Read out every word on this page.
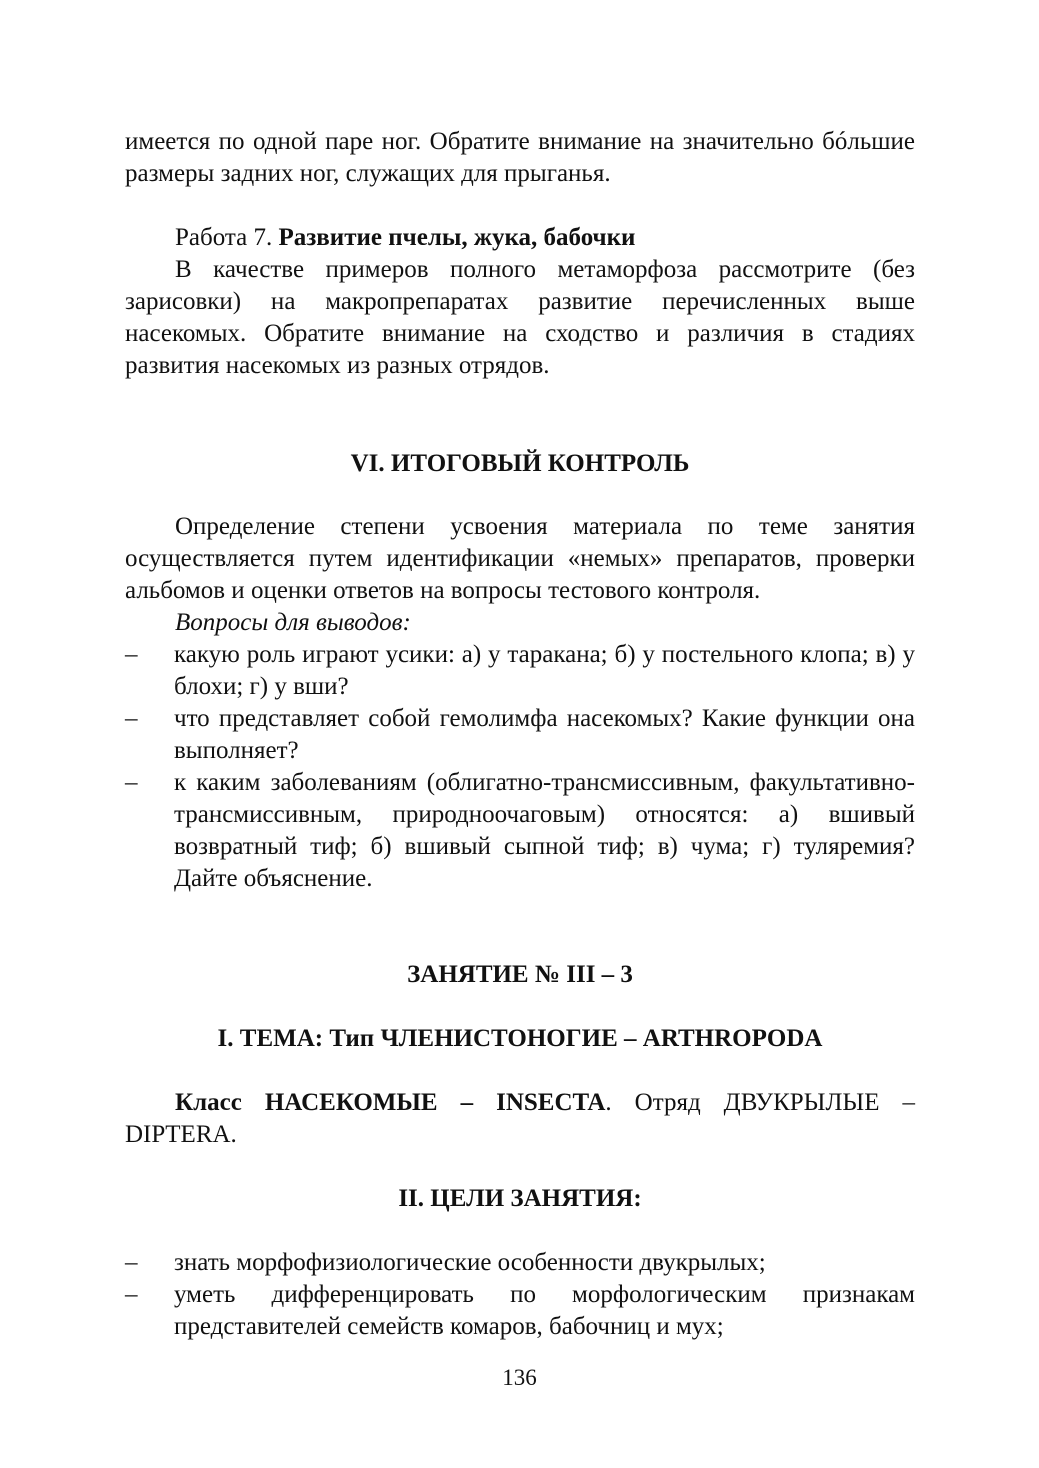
имеется по одной паре ног. Обратите внимание на значительно бóльшие размеры задних ног, служащих для прыганья.

Работа 7. Развитие пчелы, жука, бабочки

В качестве примеров полного метаморфоза рассмотрите (без зарисовки) на макропрепаратах развитие перечисленных выше насекомых. Обратите внимание на сходство и различия в стадиях развития насекомых из разных отрядов.

VI. ИТОГОВЫЙ КОНТРОЛЬ

Определение степени усвоения материала по теме занятия осуществляется путем идентификации «немых» препаратов, проверки альбомов и оценки ответов на вопросы тестового контроля.

Вопросы для выводов:

–	какую роль играют усики: а) у таракана; б) у постельного клопа; в) у блохи; г) у вши?
–	что представляет собой гемолимфа насекомых? Какие функции она выполняет?
–	к каким заболеваниям (облигатно-трансмиссивным, факультативно-трансмиссивным, природноочаговым) относятся: а) вшивый возвратный тиф; б) вшивый сыпной тиф; в) чума; г) туляремия? Дайте объяснение.

ЗАНЯТИЕ № III – 3

I. ТЕМА: Тип ЧЛЕНИСТОНОГИЕ – ARTHROPODA

Класс НАСЕКОМЫЕ – INSECTA. Отряд ДВУКРЫЛЫЕ – DIPTERA.

II. ЦЕЛИ ЗАНЯТИЯ:

–	знать морфофизиологические особенности двукрылых;
–	уметь дифференцировать по морфологическим признакам представителей семейств комаров, бабочниц и мух;
136
